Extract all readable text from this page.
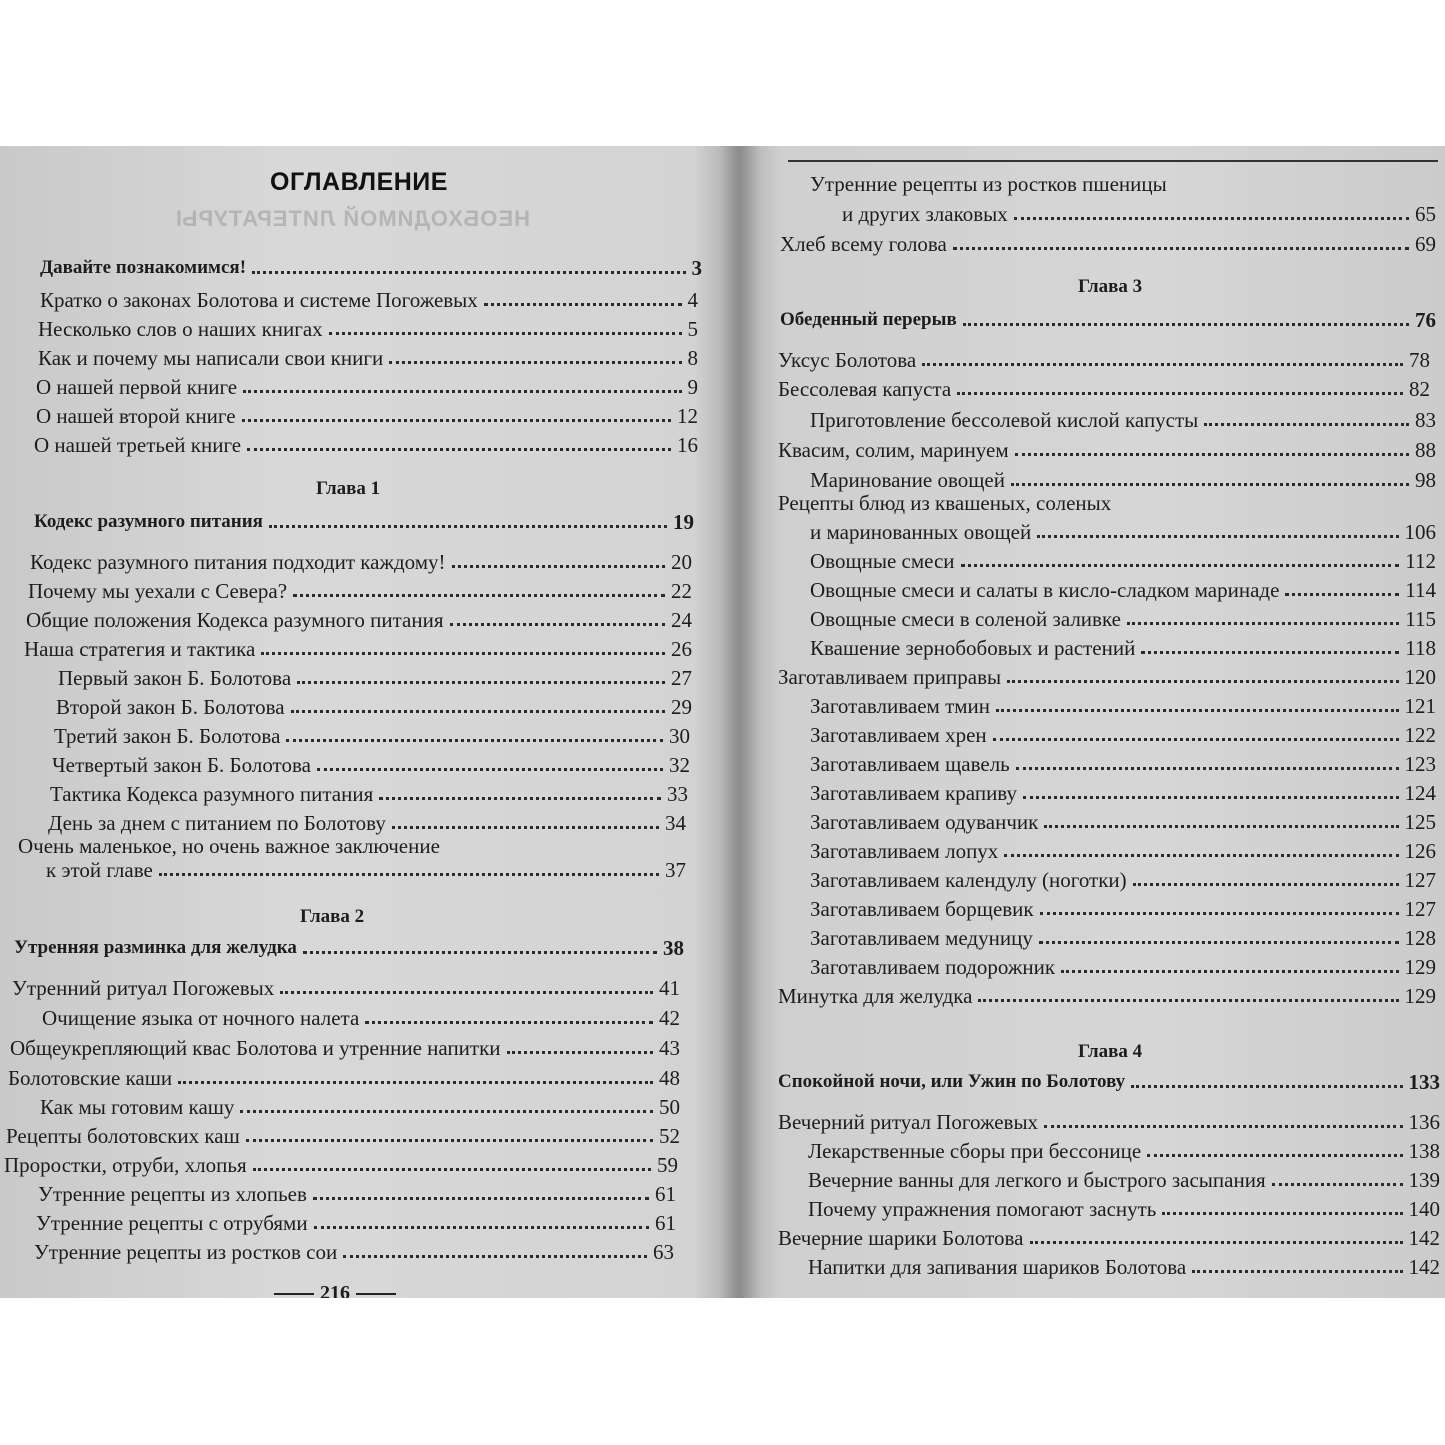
НЕОБХОДИМОЙ ЛИТЕРАТУРЫ
ОГЛАВЛЕНИЕ
Давайте познакомимся!	3
Кратко о законах Болотова и системе Погожевых	4
Несколько слов о наших книгах	5
Как и почему мы написали свои книги	8
О нашей первой книге	9
О нашей второй книге	12
О нашей третьей книге	16
Глава 1
Кодекс разумного питания	19
Кодекс разумного питания подходит каждому!	20
Почему мы уехали с Севера?	22
Общие положения Кодекса разумного питания	24
Наша стратегия и тактика	26
Первый закон Б. Болотова	27
Второй закон Б. Болотова	29
Третий закон Б. Болотова	30
Четвертый закон Б. Болотова	32
Тактика Кодекса разумного питания	33
День за днем с питанием по Болотову	34
Очень маленькое, но очень важное заключение
к этой главе	37
Глава 2
Утренняя разминка для желудка	38
Утренний ритуал Погожевых	41
Очищение языка от ночного налета	42
Общеукрепляющий квас Болотова и утренние напитки	43
Болотовские каши	48
Как мы готовим кашу	50
Рецепты болотовских каш	52
Проростки, отруби, хлопья	59
Утренние рецепты из хлопьев	61
Утренние рецепты с отрубями	61
Утренние рецепты из ростков сои	63
216
Утренние рецепты из ростков пшеницы
и других злаковых	65
Хлеб всему голова	69
Глава 3
Обеденный перерыв	76
Уксус Болотова	78
Бессолевая капуста	82
Приготовление бессолевой кислой капусты	83
Квасим, солим, маринуем	88
Маринование овощей	98
Рецепты блюд из квашеных, соленых
и маринованных овощей	106
Овощные смеси	112
Овощные смеси и салаты в кисло-сладком маринаде	114
Овощные смеси в соленой заливке	115
Квашение зернобобовых и растений	118
Заготавливаем приправы	120
Заготавливаем тмин	121
Заготавливаем хрен	122
Заготавливаем щавель	123
Заготавливаем крапиву	124
Заготавливаем одуванчик	125
Заготавливаем лопух	126
Заготавливаем календулу (ноготки)	127
Заготавливаем борщевик	127
Заготавливаем медуницу	128
Заготавливаем подорожник	129
Минутка для желудка	129
Глава 4
Спокойной ночи, или Ужин по Болотову	133
Вечерний ритуал Погожевых	136
Лекарственные сборы при бессонице	138
Вечерние ванны для легкого и быстрого засыпания	139
Почему упражнения помогают заснуть	140
Вечерние шарики Болотова	142
Напитки для запивания шариков Болотова	142
